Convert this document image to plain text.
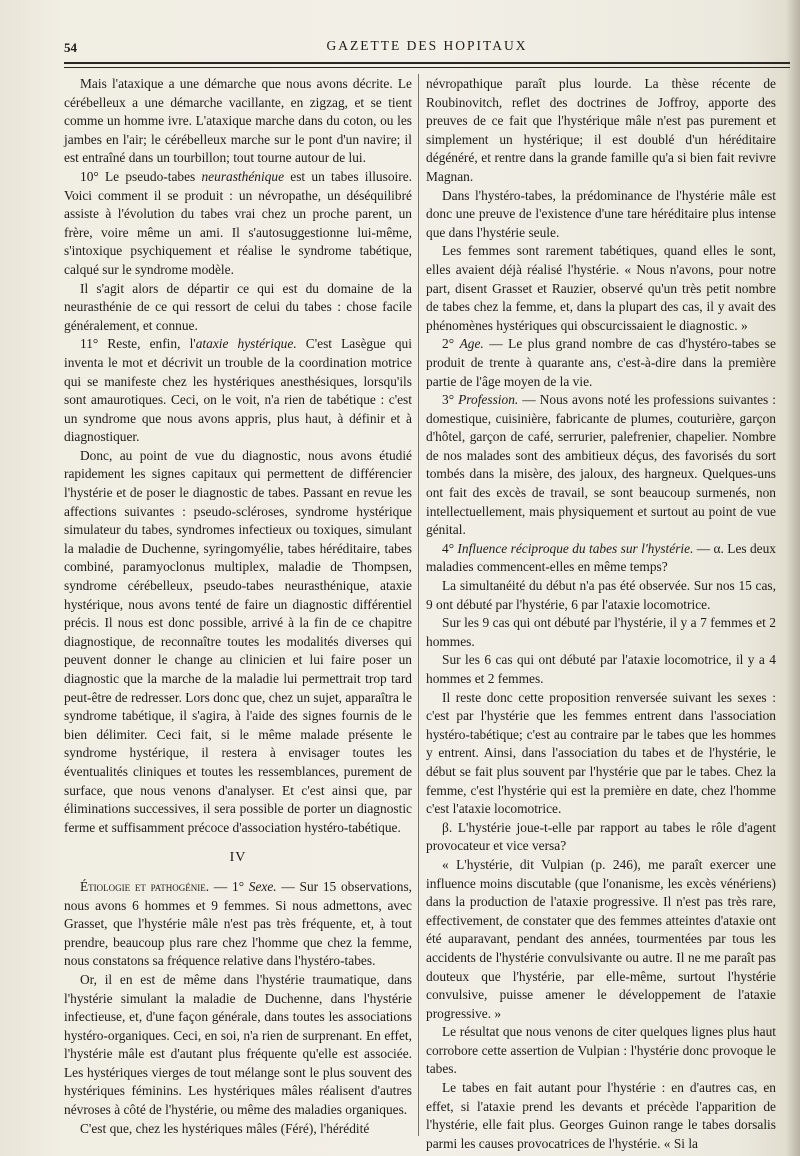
54	GAZETTE DES HOPITAUX

Mais l'ataxique a une démarche que nous avons décrite. Le cérébelleux a une démarche vacillante, en zigzag, et se tient comme un homme ivre. L'ataxique marche dans du coton, ou les jambes en l'air; le cérébelleux marche sur le pont d'un navire; il est entraîné dans un tourbillon; tout tourne autour de lui.

10° Le pseudo-tabes neurasthénique est un tabes illusoire. Voici comment il se produit : un névropathe, un déséquilibré assiste à l'évolution du tabes vrai chez un proche parent, un frère, voire même un ami. Il s'autosuggestionne lui-même, s'intoxique psychiquement et réalise le syndrome tabétique, calqué sur le syndrome modèle.

Il s'agit alors de départir ce qui est du domaine de la neurasthénie de ce qui ressort de celui du tabes : chose facile généralement, et connue.

11° Reste, enfin, l'ataxie hystérique. C'est Lasègue qui inventa le mot et décrivit un trouble de la coordination motrice qui se manifeste chez les hystériques anesthésiques, lorsqu'ils sont amaurotiques. Ceci, on le voit, n'a rien de tabétique : c'est un syndrome que nous avons appris, plus haut, à définir et à diagnostiquer.

Donc, au point de vue du diagnostic, nous avons étudié rapidement les signes capitaux qui permettent de différencier l'hystérie et de poser le diagnostic de tabes. Passant en revue les affections suivantes : pseudo-scléroses, syndrome hystérique simulateur du tabes, syndromes infectieux ou toxiques, simulant la maladie de Duchenne, syringomyélie, tabes héréditaire, tabes combiné, paramyoclonus multiplex, maladie de Thompsen, syndrome cérébelleux, pseudo-tabes neurasthénique, ataxie hystérique, nous avons tenté de faire un diagnostic différentiel précis. Il nous est donc possible, arrivé à la fin de ce chapitre diagnostique, de reconnaître toutes les modalités diverses qui peuvent donner le change au clinicien et lui faire poser un diagnostic que la marche de la maladie lui permettrait trop tard peut-être de redresser. Lors donc que, chez un sujet, apparaîtra le syndrome tabétique, il s'agira, à l'aide des signes fournis de le bien délimiter. Ceci fait, si le même malade présente le syndrome hystérique, il restera à envisager toutes les éventualités cliniques et toutes les ressemblances, purement de surface, que nous venons d'analyser. Et c'est ainsi que, par éliminations successives, il sera possible de porter un diagnostic ferme et suffisamment précoce d'association hystéro-tabétique.

IV

Étiologie et pathogénie. — 1° Sexe. — Sur 15 observations, nous avons 6 hommes et 9 femmes. Si nous admettons, avec Grasset, que l'hystérie mâle n'est pas très fréquente, et, à tout prendre, beaucoup plus rare chez l'homme que chez la femme, nous constatons sa fréquence relative dans l'hystéro-tabes.

Or, il en est de même dans l'hystérie traumatique, dans l'hystérie simulant la maladie de Duchenne, dans l'hystérie infectieuse, et, d'une façon générale, dans toutes les associations hystéro-organiques. Ceci, en soi, n'a rien de surprenant. En effet, l'hystérie mâle est d'autant plus fréquente qu'elle est associée. Les hystériques vierges de tout mélange sont le plus souvent des hystériques féminins. Les hystériques mâles réalisent d'autres névroses à côté de l'hystérie, ou même des maladies organiques.

C'est que, chez les hystériques mâles (Féré), l'hérédité

névropathique paraît plus lourde. La thèse récente de Roubinovitch, reflet des doctrines de Joffroy, apporte des preuves de ce fait que l'hystérique mâle n'est pas purement et simplement un hystérique; il est doublé d'un héréditaire dégénéré, et rentre dans la grande famille qu'a si bien fait revivre Magnan.

Dans l'hystéro-tabes, la prédominance de l'hystérie mâle est donc une preuve de l'existence d'une tare héréditaire plus intense que dans l'hystérie seule.

Les femmes sont rarement tabétiques, quand elles le sont, elles avaient déjà réalisé l'hystérie. « Nous n'avons, pour notre part, disent Grasset et Rauzier, observé qu'un très petit nombre de tabes chez la femme, et, dans la plupart des cas, il y avait des phénomènes hystériques qui obscurcissaient le diagnostic. »

2° Age. — Le plus grand nombre de cas d'hystéro-tabes se produit de trente à quarante ans, c'est-à-dire dans la première partie de l'âge moyen de la vie.

3° Profession. — Nous avons noté les professions suivantes : domestique, cuisinière, fabricante de plumes, couturière, garçon d'hôtel, garçon de café, serrurier, palefrenier, chapelier. Nombre de nos malades sont des ambitieux déçus, des favorisés du sort tombés dans la misère, des jaloux, des hargneux. Quelques-uns ont fait des excès de travail, se sont beaucoup surmenés, non intellectuellement, mais physiquement et surtout au point de vue génital.

4° Influence réciproque du tabes sur l'hystérie. — α. Les deux maladies commencent-elles en même temps?

La simultanéité du début n'a pas été observée. Sur nos 15 cas, 9 ont débuté par l'hystérie, 6 par l'ataxie locomotrice.

Sur les 9 cas qui ont débuté par l'hystérie, il y a 7 femmes et 2 hommes.

Sur les 6 cas qui ont débuté par l'ataxie locomotrice, il y a 4 hommes et 2 femmes.

Il reste donc cette proposition renversée suivant les sexes : c'est par l'hystérie que les femmes entrent dans l'association hystéro-tabétique; c'est au contraire par le tabes que les hommes y entrent. Ainsi, dans l'association du tabes et de l'hystérie, le début se fait plus souvent par l'hystérie que par le tabes. Chez la femme, c'est l'hystérie qui est la première en date, chez l'homme c'est l'ataxie locomotrice.

β. L'hystérie joue-t-elle par rapport au tabes le rôle d'agent provocateur et vice versa?

« L'hystérie, dit Vulpian (p. 246), me paraît exercer une influence moins discutable (que l'onanisme, les excès vénériens) dans la production de l'ataxie progressive. Il n'est pas très rare, effectivement, de constater que des femmes atteintes d'ataxie ont été auparavant, pendant des années, tourmentées par tous les accidents de l'hystérie convulsivante ou autre. Il ne me paraît pas douteux que l'hystérie, par elle-même, surtout l'hystérie convulsive, puisse amener le développement de l'ataxie progressive. »

Le résultat que nous venons de citer quelques lignes plus haut corrobore cette assertion de Vulpian : l'hystérie donc provoque le tabes.

Le tabes en fait autant pour l'hystérie : en d'autres cas, en effet, si l'ataxie prend les devants et précède l'apparition de l'hystérie, elle fait plus. Georges Guinon range le tabes dorsalis parmi les causes provocatrices de l'hystérie. « Si la
